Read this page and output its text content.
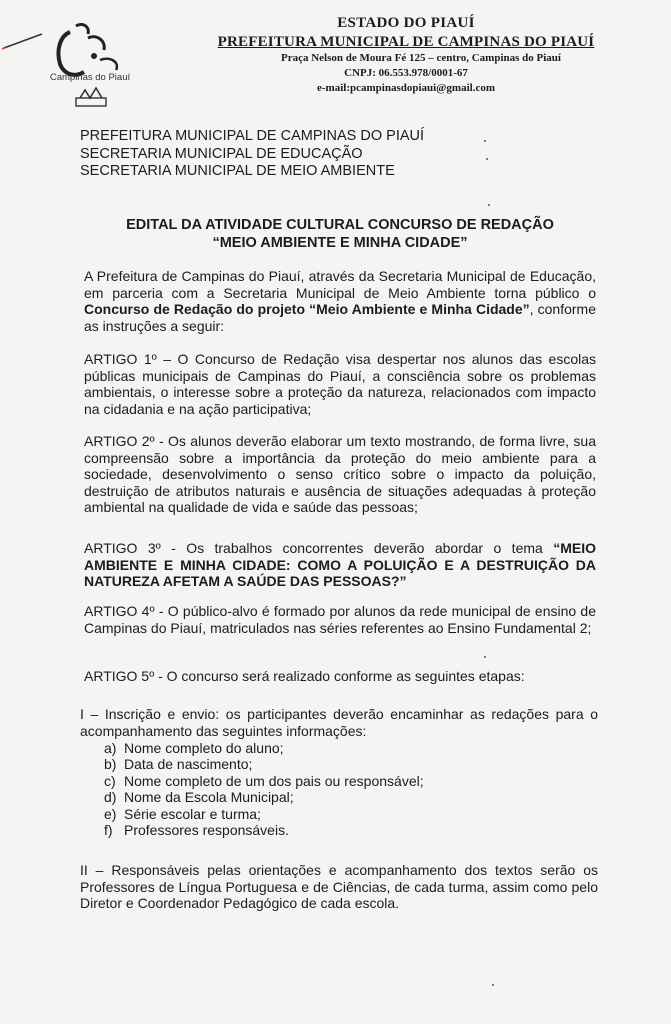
Campinas do Piauí
ESTADO DO PIAUÍ
PREFEITURA MUNICIPAL DE CAMPINAS DO PIAUÍ
Praça Nelson de Moura Fé 125 – centro, Campinas do Piauí
CNPJ: 06.553.978/0001-67
e-mail:pcampinasdopiaui@gmail.com
PREFEITURA MUNICIPAL DE CAMPINAS DO PIAUÍ
SECRETARIA MUNICIPAL DE EDUCAÇÃO
SECRETARIA MUNICIPAL DE MEIO AMBIENTE
EDITAL DA ATIVIDADE CULTURAL CONCURSO DE REDAÇÃO
“MEIO AMBIENTE E MINHA CIDADE”
A Prefeitura de Campinas do Piauí, através da Secretaria Municipal de Educação, em parceria com a Secretaria Municipal de Meio Ambiente torna público o Concurso de Redação do projeto “Meio Ambiente e Minha Cidade”, conforme as instruções a seguir:
ARTIGO 1º – O Concurso de Redação visa despertar nos alunos das escolas públicas municipais de Campinas do Piauí, a consciência sobre os problemas ambientais, o interesse sobre a proteção da natureza, relacionados com impacto na cidadania e na ação participativa;
ARTIGO 2º - Os alunos deverão elaborar um texto mostrando, de forma livre, sua compreensão sobre a importância da proteção do meio ambiente para a sociedade, desenvolvimento o senso crítico sobre o impacto da poluição, destruição de atributos naturais e ausência de situações adequadas à proteção ambiental na qualidade de vida e saúde das pessoas;
ARTIGO 3º - Os trabalhos concorrentes deverão abordar o tema “MEIO AMBIENTE E MINHA CIDADE: COMO A POLUIÇÃO E A DESTRUIÇÃO DA NATUREZA AFETAM A SAÚDE DAS PESSOAS?”
ARTIGO 4º - O público-alvo é formado por alunos da rede municipal de ensino de Campinas do Piauí, matriculados nas séries referentes ao Ensino Fundamental 2;
ARTIGO 5º - O concurso será realizado conforme as seguintes etapas:
I – Inscrição e envio: os participantes deverão encaminhar as redações para o acompanhamento das seguintes informações:
a) Nome completo do aluno;
b) Data de nascimento;
c) Nome completo de um dos pais ou responsável;
d) Nome da Escola Municipal;
e) Série escolar e turma;
f) Professores responsáveis.
II – Responsáveis pelas orientações e acompanhamento dos textos serão os Professores de Língua Portuguesa e de Ciências, de cada turma, assim como pelo Diretor e Coordenador Pedagógico de cada escola.
